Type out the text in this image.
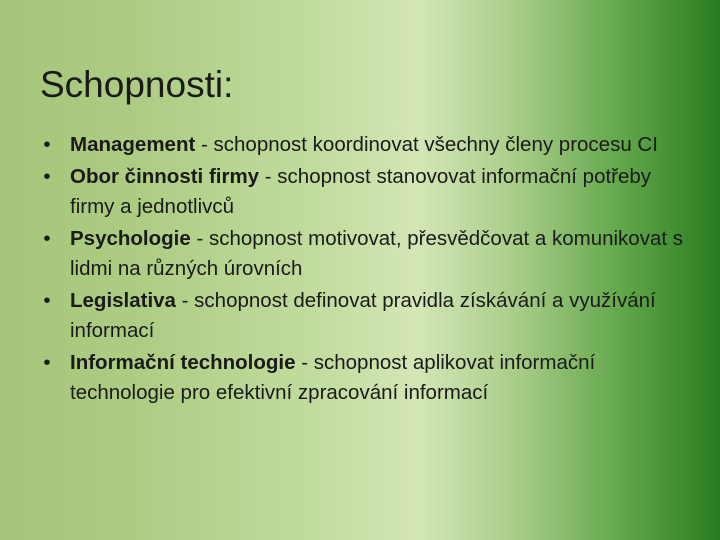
Schopnosti:
• Management - schopnost koordinovat všechny členy procesu CI
• Obor činnosti firmy - schopnost stanovovat informační potřeby firmy a jednotlivců
• Psychologie - schopnost motivovat, přesvědčovat a komunikovat s lidmi na různých úrovních
• Legislativa - schopnost definovat pravidla získávání a využívání informací
• Informační technologie - schopnost aplikovat informační technologie pro efektivní zpracování informací
